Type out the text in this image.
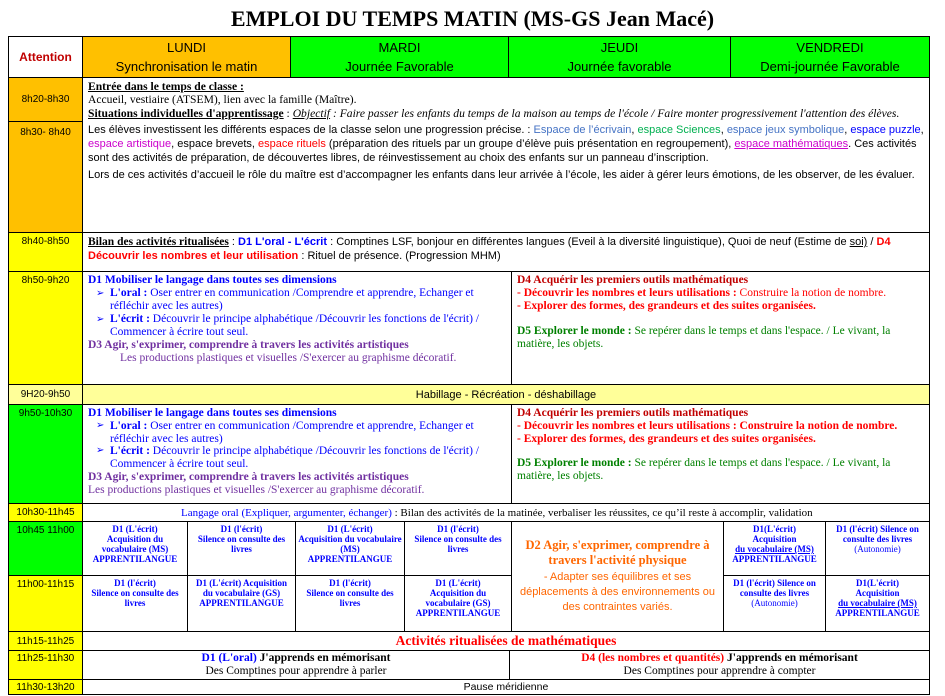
EMPLOI DU TEMPS MATIN (MS-GS Jean Macé)
Attention
LUNDI
Synchronisation le matin
MARDI
Journée Favorable
JEUDI
Journée favorable
VENDREDI
Demi-journée Favorable
8h20-8h30
8h30- 8h40
8h40-8h50
8h50-9h20
9H20-9h50
9h50-10h30
10h30-11h45
10h45 11h00
11h00-11h15
11h15-11h25
11h25-11h30
11h30-13h20
Entrée dans le temps de classe :
Accueil, vestiaire (ATSEM), lien avec la famille (Maître).
Situations individuelles d'apprentissage : Objectif : Faire passer les enfants du temps de la maison au temps de l'école / Faire monter progressivement l'attention des élèves.
Les élèves investissent les différents espaces de la classe selon une progression précise. : Espace de l’écrivain, espace Sciences, espace jeux symbolique, espace puzzle, espace artistique, espace brevets, espace rituels (préparation des rituels par un groupe d’élève puis présentation en regroupement), espace mathématiques. Ces activités sont des activités de préparation, de découvertes libres, de réinvestissement au choix des enfants sur un panneau d’inscription.
Lors de ces activités d’accueil le rôle du maître est d’accompagner les enfants dans leur arrivée à l’école, les aider à gérer leurs émotions, de les observer, de les évaluer.
Bilan des activités ritualisées : D1 L'oral - L'écrit : Comptines LSF, bonjour en différentes langues (Eveil à la diversité linguistique), Quoi de neuf (Estime de soi) / D4 Découvrir les nombres et leur utilisation : Rituel de présence. (Progression MHM)
D1 Mobiliser le langage dans toutes ses dimensions
➢ L'oral : Oser entrer en communication /Comprendre et apprendre, Echanger et réfléchir avec les autres)
➢ L'écrit : Découvrir le principe alphabétique /Découvrir les fonctions de l'écrit) / Commencer à écrire tout seul.
D3 Agir, s'exprimer, comprendre à travers les activités artistiques
Les productions plastiques et visuelles /S'exercer au graphisme décoratif.
D4 Acquérir les premiers outils mathématiques
- Découvrir les nombres et leurs utilisations : Construire la notion de nombre.
- Explorer des formes, des grandeurs et des suites organisées.
D5 Explorer le monde : Se repérer dans le temps et dans l'espace. / Le vivant, la matière, les objets.
Habillage - Récréation - déshabillage
D1 Mobiliser le langage dans toutes ses dimensions
➢ L'oral : Oser entrer en communication /Comprendre et apprendre, Echanger et réfléchir avec les autres)
➢ L'écrit : Découvrir le principe alphabétique /Découvrir les fonctions de l'écrit) / Commencer à écrire tout seul.
D3 Agir, s'exprimer, comprendre à travers les activités artistiques
Les productions plastiques et visuelles /S'exercer au graphisme décoratif.
D4 Acquérir les premiers outils mathématiques
- Découvrir les nombres et leurs utilisations : Construire la notion de nombre.
- Explorer des formes, des grandeurs et des suites organisées.
D5 Explorer le monde : Se repérer dans le temps et dans l'espace. / Le vivant, la matière, les objets.
Langage oral (Expliquer, argumenter, échanger) : Bilan des activités de la matinée, verbaliser les réussites, ce qu’il reste à accomplir, validation
D1 (L'écrit)
Acquisition du vocabulaire (MS)
APPRENTILANGUE
D1 (l'écrit)
Silence on consulte des livres
D1 (L'écrit)
Acquisition du vocabulaire (MS)
APPRENTILANGUE
D1 (l'écrit)
Silence on consulte des livres	D2 Agir, s'exprimer, comprendre à travers l'activité physique
- Adapter ses équilibres et ses déplacements à des environnements ou des contraintes variés.
D1(L'écrit)
Acquisition
du vocabulaire (MS)
APPRENTILANGUE
D1 (l'écrit) Silence on consulte des livres
(Autonomie)
D1 (l'écrit)
Silence on consulte des livres
D1 (L'écrit) Acquisition
du vocabulaire (GS)
APPRENTILANGUE
D1 (l'écrit)
Silence on consulte des livres
D1 (L'écrit)
Acquisition du vocabulaire (GS)
APPRENTILANGUE
D1 (l'écrit) Silence on consulte des livres
(Autonomie)
D1(L'écrit)
Acquisition
du vocabulaire (MS)
APPRENTILANGUE
Activités ritualisées de mathématiques
D1 (L'oral) J'apprends en mémorisant
Des Comptines pour apprendre à parler
D4 (les nombres et quantités) J'apprends en mémorisant
Des Comptines pour apprendre à compter
Pause méridienne
